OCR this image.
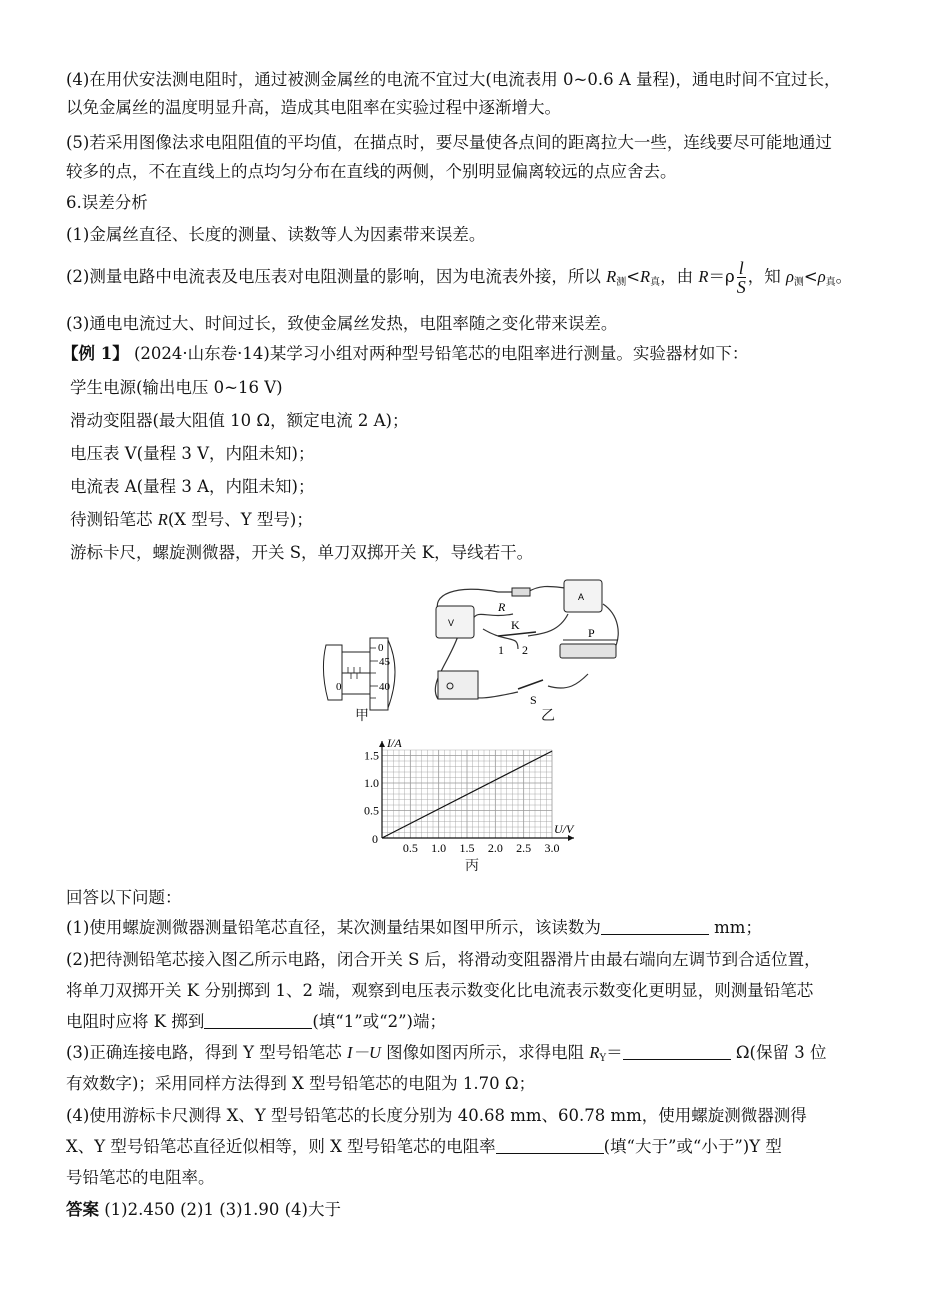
(4)在用伏安法测电阻时，通过被测金属丝的电流不宜过大(电流表用 0~0.6 A 量程)，通电时间不宜过长，
以免金属丝的温度明显升高，造成其电阻率在实验过程中逐渐增大。
(5)若采用图像法求电阻阻值的平均值，在描点时，要尽量使各点间的距离拉大一些，连线要尽可能地通过
较多的点，不在直线上的点均匀分布在直线的两侧，个别明显偏离较远的点应舍去。
6.误差分析
(1)金属丝直径、长度的测量、读数等人为因素带来误差。
(2)测量电路中电流表及电压表对电阻测量的影响，因为电流表外接，所以 $R_测<R_真$，由 $R=\rho \frac{l}{S}$ ，知 $\rho_测<\rho_真$。
(3)通电电流过大、时间过长，致使金属丝发热，电阻率随之变化带来误差。
【例 1】 (2024·山东卷·14)某学习小组对两种型号铅笔芯的电阻率进行测量。实验器材如下：
学生电源(输出电压 0~16 V)
滑动变阻器(最大阻值 10 Ω，额定电流 2 A)；
电压表 V(量程 3 V，内阻未知)；
电流表 A(量程 3 A，内阻未知)；
待测铅笔芯 R(X 型号、Y 型号)；
游标卡尺，螺旋测微器，开关 S，单刀双掷开关 K，导线若干。
0
45
40
0
甲
V
A
R
K
1 2
P
S
乙
0.5 1.0 1.5 2.0 2.5 3.0
0.5
1.0
1.5
0
I/A
U/V
丙
回答以下问题：
(1)使用螺旋测微器测量铅笔芯直径，某次测量结果如图甲所示，该读数为	mm；
(2)把待测铅笔芯接入图乙所示电路，闭合开关 S 后，将滑动变阻器滑片由最右端向左调节到合适位置，
将单刀双掷开关 K 分别掷到 1、2 端，观察到电压表示数变化比电流表示数变化更明显，则测量铅笔芯
电阻时应将 K 掷到	(填“1”或“2”)端；
(3)正确连接电路，得到 Y 型号铅笔芯 I－U 图像如图丙所示，求得电阻 $R_Y=$	Ω(保留 3 位
有效数字)；采用同样方法得到 X 型号铅笔芯的电阻为 1.70 Ω；
(4)使用游标卡尺测得 X、Y 型号铅笔芯的长度分别为 40.68 mm、60.78 mm，使用螺旋测微器测得
X、Y 型号铅笔芯直径近似相等，则 X 型号铅笔芯的电阻率	(填“大于”或“小于”)Y 型
号铅笔芯的电阻率。
答案 (1)2.450 (2)1 (3)1.90 (4)大于
